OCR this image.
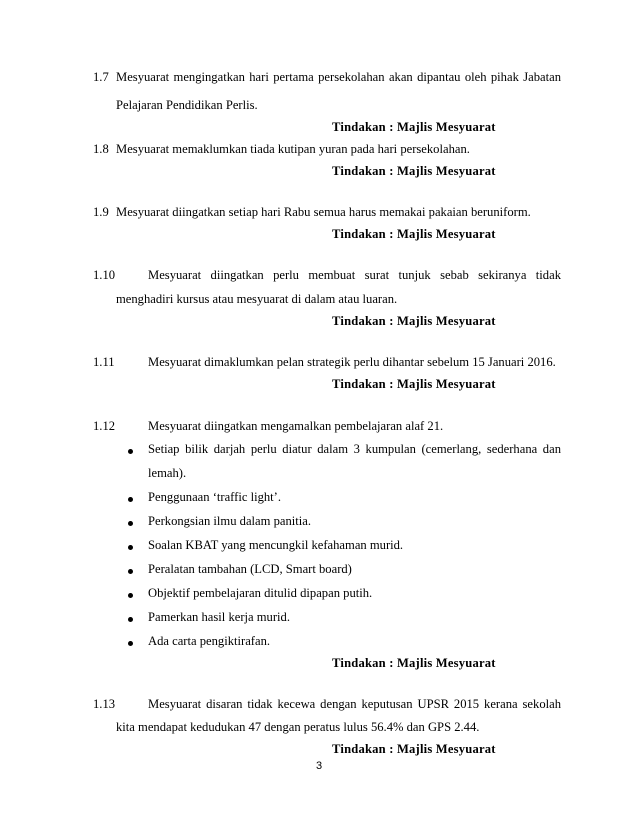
1.7 Mesyuarat mengingatkan hari pertama persekolahan akan dipantau oleh pihak Jabatan
Pelajaran Pendidikan Perlis.
Tindakan : Majlis Mesyuarat
1.8 Mesyuarat memaklumkan tiada kutipan yuran pada hari persekolahan.
Tindakan : Majlis Mesyuarat
1.9 Mesyuarat diingatkan setiap hari Rabu semua harus memakai pakaian beruniform.
Tindakan : Majlis Mesyuarat
1.10	Mesyuarat diingatkan perlu membuat surat tunjuk sebab sekiranya tidak
menghadiri kursus atau mesyuarat di dalam atau luaran.
Tindakan : Majlis Mesyuarat
1.11	Mesyuarat dimaklumkan pelan strategik perlu dihantar sebelum 15 Januari 2016.
Tindakan : Majlis Mesyuarat
1.12	Mesyuarat diingatkan mengamalkan pembelajaran alaf 21.
Setiap bilik darjah perlu diatur dalam 3 kumpulan (cemerlang, sederhana dan
lemah).
Penggunaan ‘traffic light’.
Perkongsian ilmu dalam panitia.
Soalan KBAT yang mencungkil kefahaman murid.
Peralatan tambahan (LCD, Smart board)
Objektif pembelajaran ditulid dipapan putih.
Pamerkan hasil kerja murid.
Ada carta pengiktirafan.
Tindakan : Majlis Mesyuarat
1.13	Mesyuarat disaran tidak kecewa dengan keputusan UPSR 2015 kerana sekolah
kita mendapat kedudukan 47 dengan peratus lulus 56.4% dan GPS 2.44.
Tindakan : Majlis Mesyuarat
3
